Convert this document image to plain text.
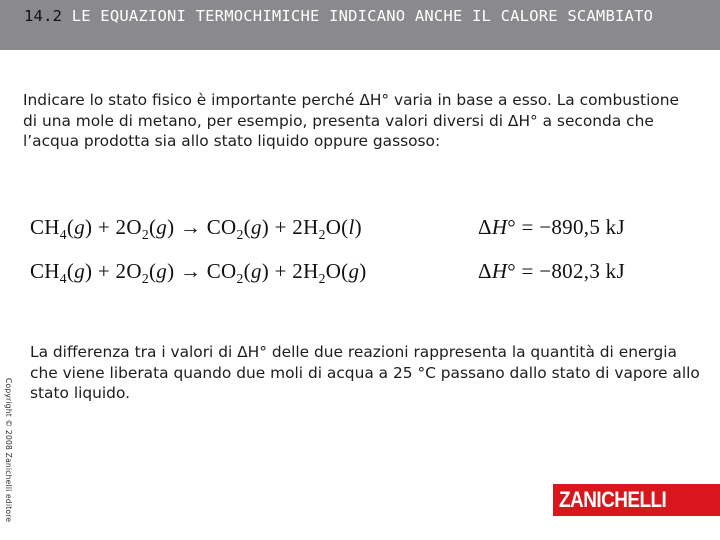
14.2 LE EQUAZIONI TERMOCHIMICHE INDICANO ANCHE IL CALORE SCAMBIATO
Indicare lo stato fisico è importante perché ΔH° varia in base a esso. La combustione di una mole di metano, per esempio, presenta valori diversi di ΔH° a seconda che l’acqua prodotta sia allo stato liquido oppure gassoso:
$CH_4(g) + 2O_2(g) \to CO_2(g) + 2H_2O(l)$	ΔH° = −890,5 kJ
$CH_4(g) + 2O_2(g) \to CO_2(g) + 2H_2O(g)$	ΔH° = −802,3 kJ
La differenza tra i valori di ΔH° delle due reazioni rappresenta la quantità di energia che viene liberata quando due moli di acqua a 25 °C passano dallo stato di vapore allo stato liquido.
Copyright © 2008 Zanichelli editore	ZANICHELLI
